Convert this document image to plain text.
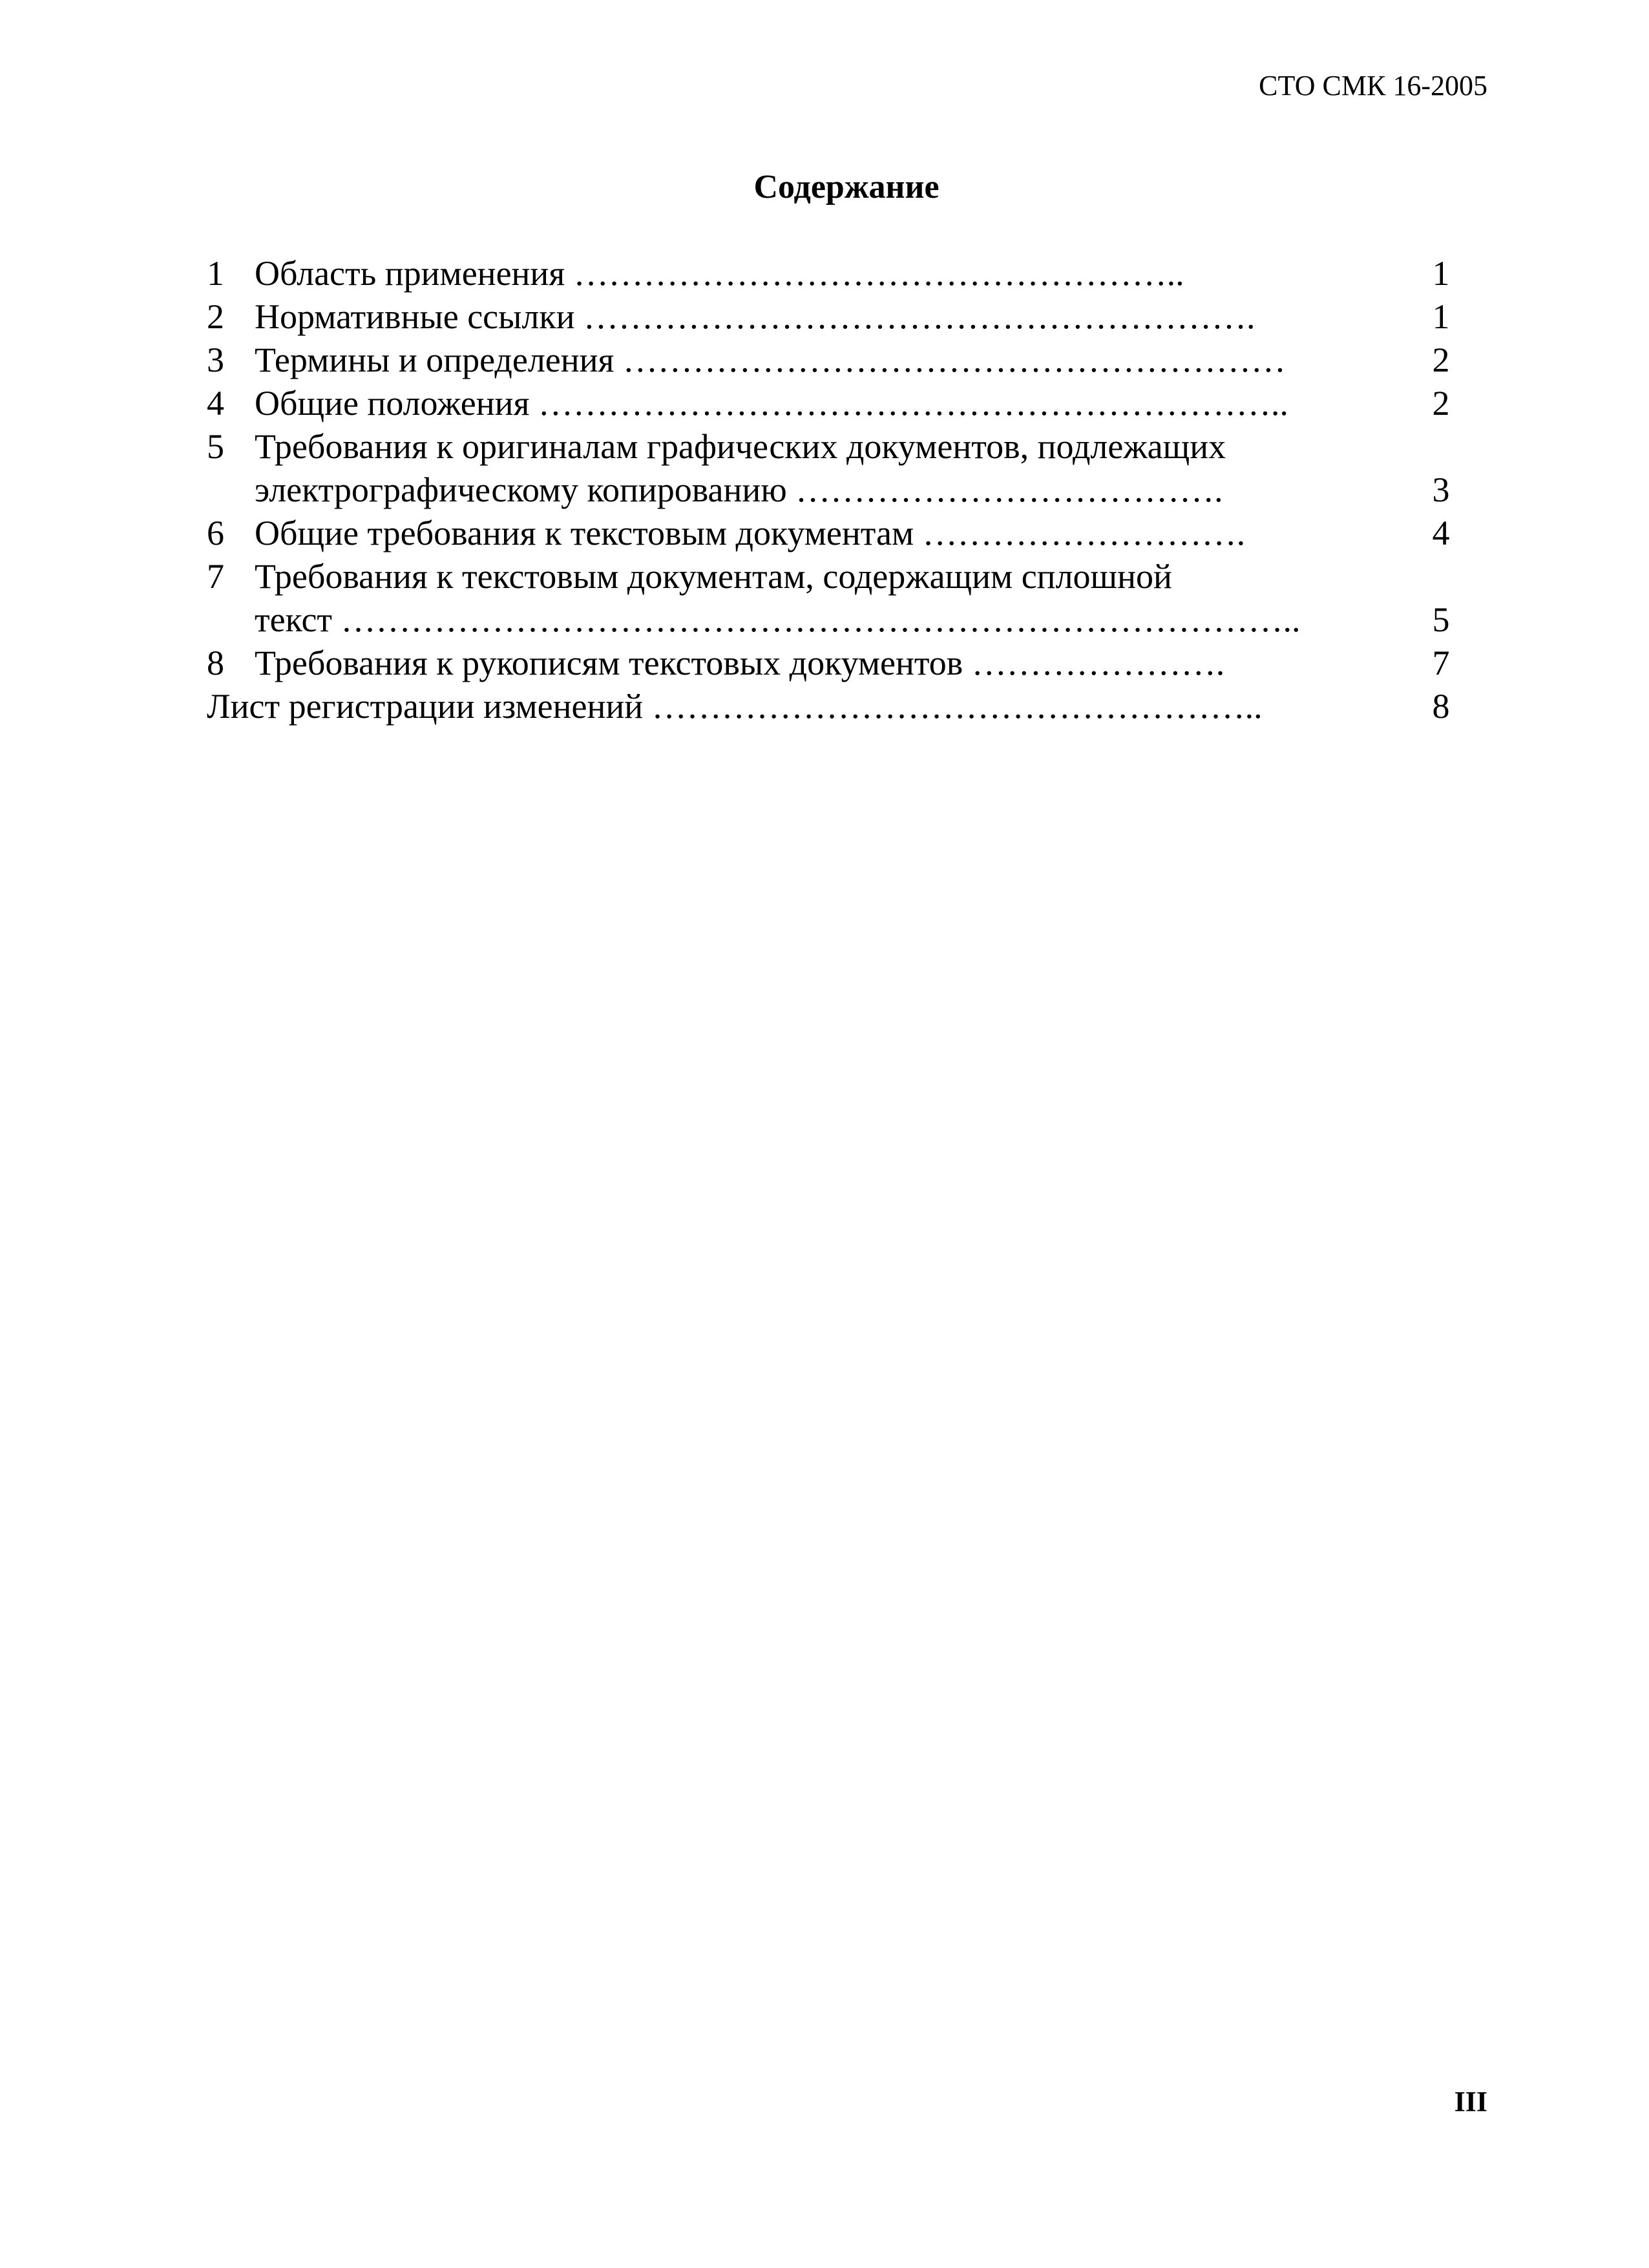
СТО СМК 16-2005
Содержание
1 Область применения ……………………………………………..	1
2 Нормативные ссылки ………………………………………………….	1
3 Термины и определения …………………………………………………	2
4 Общие положения ………………………………………………………..	2
5 Требования к оригиналам графических документов, подлежащих
электрографическому копированию ……………………………….	3
6 Общие требования к текстовым документам ……………………….	4
7 Требования к текстовым документам, содержащим сплошной
текст ………………………………………………………………………..	5
8 Требования к рукописям текстовых документов ………………….	7
Лист регистрации изменений ……………………………………………..	8
III
